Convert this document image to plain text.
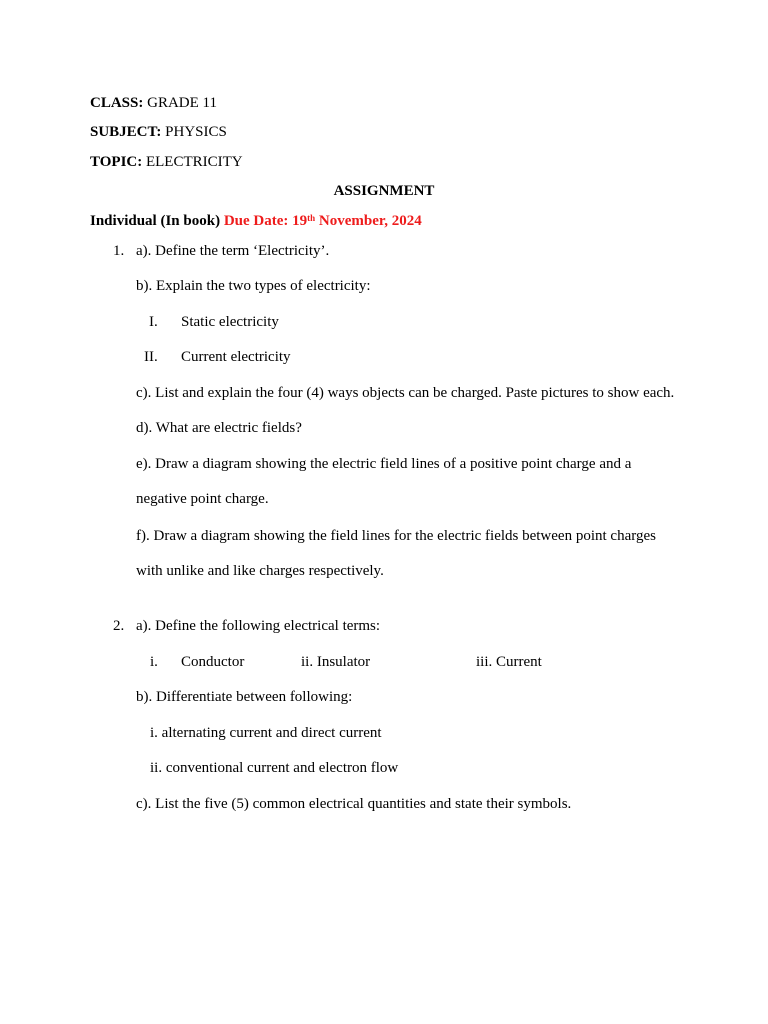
CLASS: GRADE 11
SUBJECT: PHYSICS
TOPIC: ELECTRICITY
ASSIGNMENT
Individual (In book) Due Date: 19th November, 2024
1. a). Define the term ‘Electricity’.
b). Explain the two types of electricity:
I. Static electricity
II. Current electricity
c). List and explain the four (4) ways objects can be charged. Paste pictures to show each.
d). What are electric fields?
e). Draw a diagram showing the electric field lines of a positive point charge and a
negative point charge.
f). Draw a diagram showing the field lines for the electric fields between point charges
with unlike and like charges respectively.
2. a). Define the following electrical terms:
i. Conductor	ii. Insulator	iii. Current
b). Differentiate between following:
i. alternating current and direct current
ii. conventional current and electron flow
c). List the five (5) common electrical quantities and state their symbols.
